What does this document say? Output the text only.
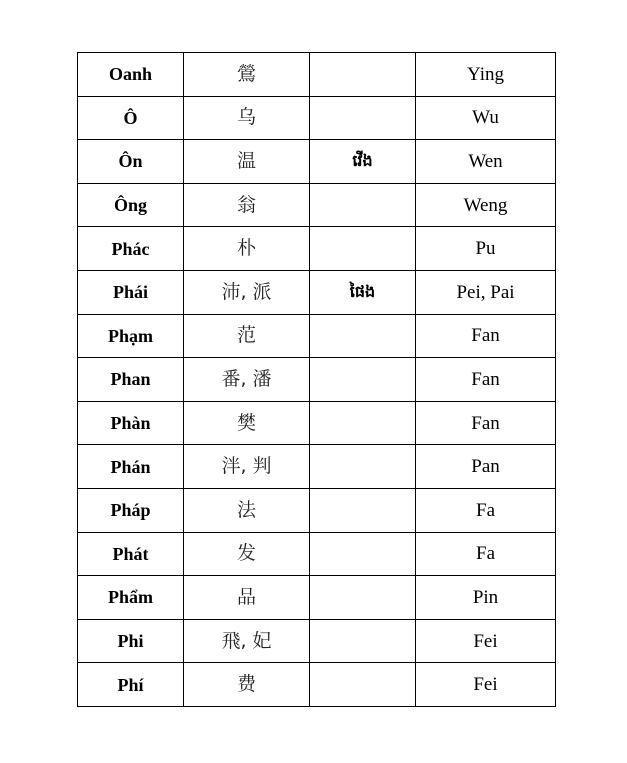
Oanh	鶯		Ying
Ô	乌		Wu
Ôn	温	វើង	Wen
Ông	翁		Weng
Phác	朴		Pu
Phái	沛, 派	ផៃង	Pei, Pai
Phạm	范		Fan
Phan	番, 潘		Fan
Phàn	樊		Fan
Phán	泮, 判		Pan
Pháp	法		Fa
Phát	发		Fa
Phẩm	品		Pin
Phi	飛, 妃		Fei
Phí	费		Fei
